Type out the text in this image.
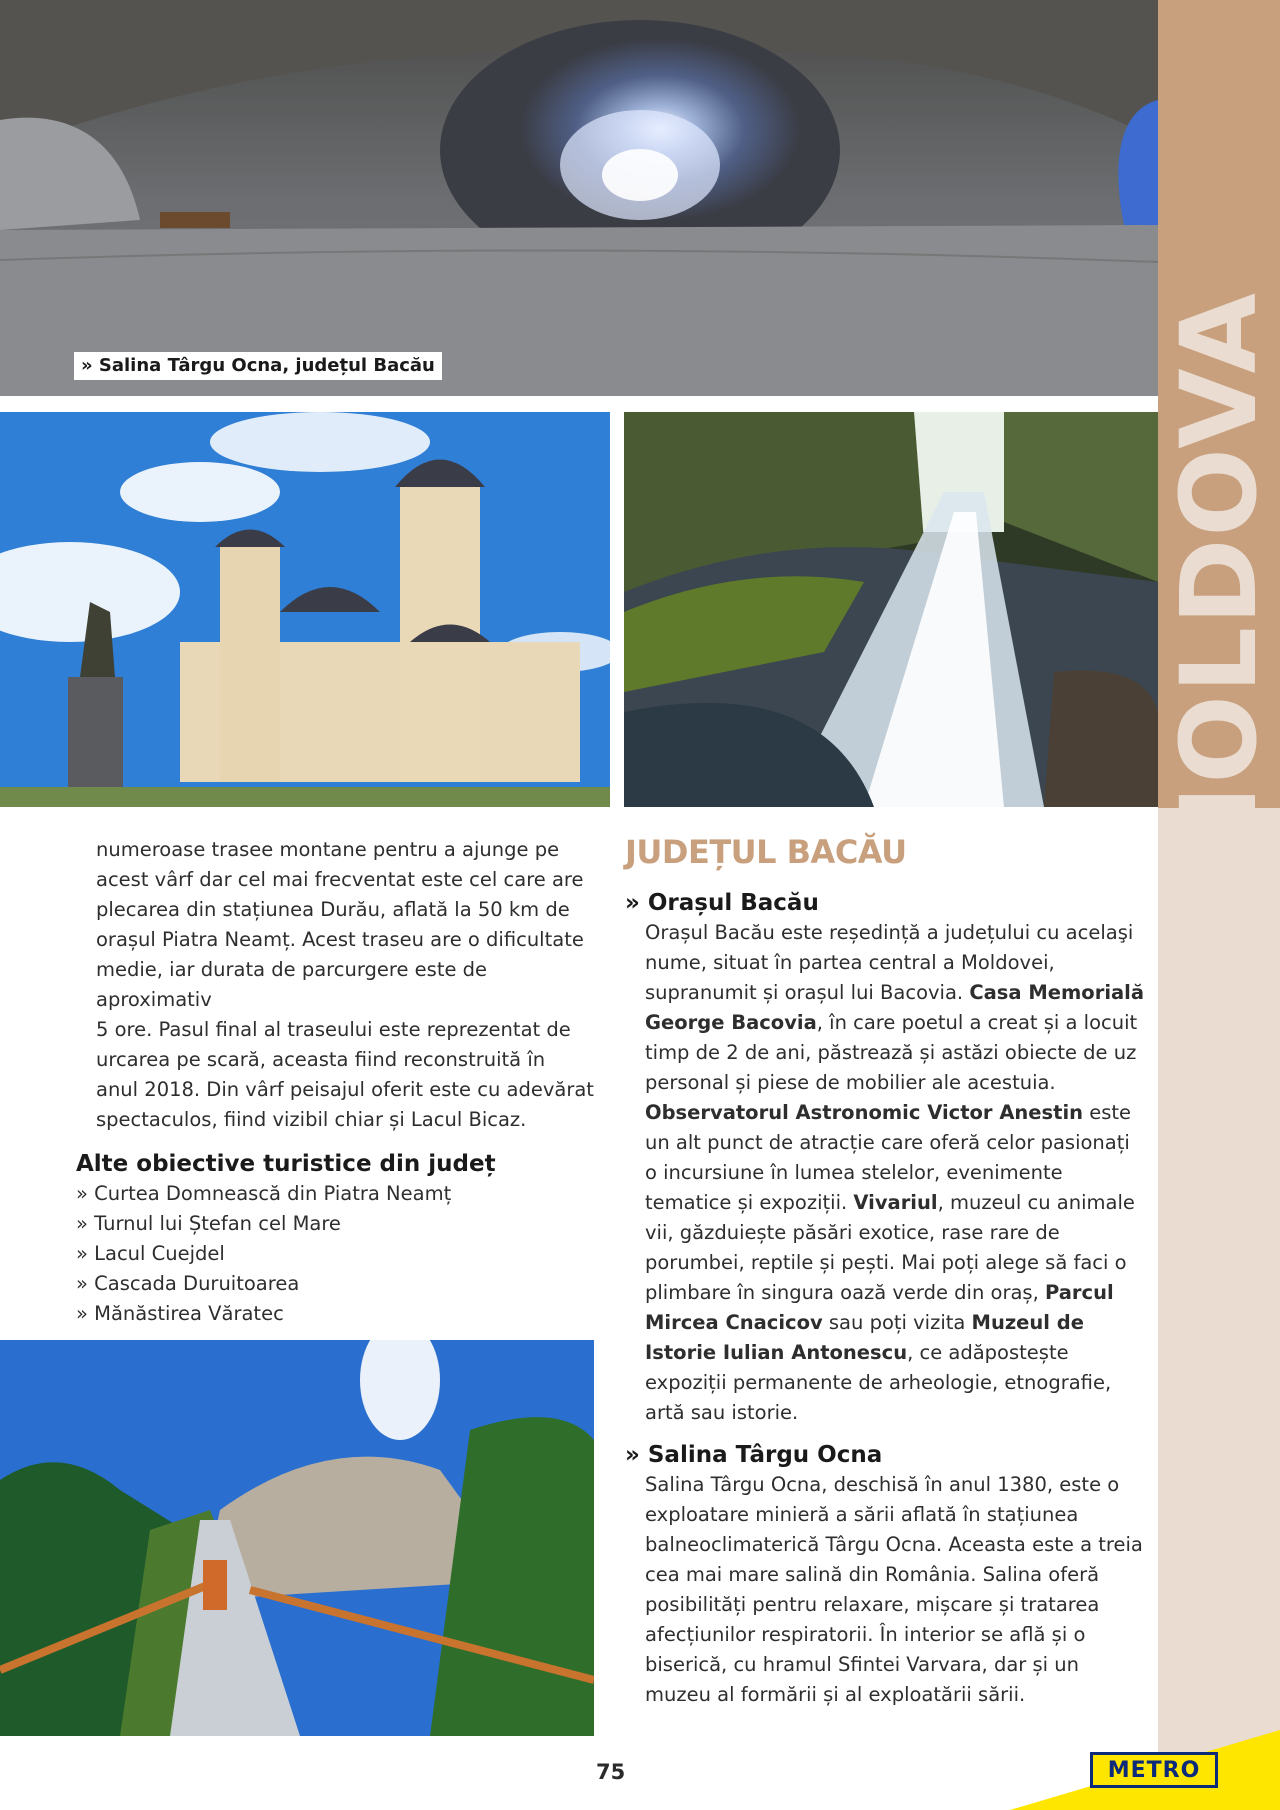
» Salina Târgu Ocna, județul Bacău	MOLDOVA

numeroase trasee montane pentru a ajunge pe

acest vârf dar cel mai frecventat este cel care are

plecarea din stațiunea Durău, aflată la 50 km de

orașul Piatra Neamț. Acest traseu are o dificultate

medie, iar durata de parcurgere este de aproximativ

5 ore. Pasul final al traseului este reprezentat de

urcarea pe scară, aceasta fiind reconstruită în

anul 2018. Din vârf peisajul oferit este cu adevărat

spectaculos, fiind vizibil chiar și Lacul Bicaz.

Alte obiective turistice din județ
» Curtea Domnească din Piatra Neamț
» Turnul lui Ștefan cel Mare
» Lacul Cuejdel
» Cascada Duruitoarea
» Mănăstirea Văratec
JUDEȚUL BACĂU
» Orașul Bacău
Orașul Bacău este reședință a județului cu acelaşi nume, situat în partea central a Moldovei, supranumit și orașul lui Bacovia. Casa Memorială George Bacovia, în care poetul a creat și a locuit timp de 2 de ani, păstrează și astăzi obiecte de uz personal și piese de mobilier ale acestuia. Observatorul Astronomic Victor Anestin este un alt punct de atracție care oferă celor pasionați o incursiune în lumea stelelor, evenimente tematice și expoziții. Vivariul, muzeul cu animale vii, găzduiește păsări exotice, rase rare de porumbei, reptile și pești. Mai poți alege să faci o plimbare în singura oază verde din oraș, Parcul Mircea Cnacicov sau poți vizita Muzeul de Istorie Iulian Antonescu, ce adăpostește expoziții permanente de arheologie, etnografie, artă sau istorie.
» Salina Târgu Ocna
Salina Târgu Ocna, deschisă în anul 1380, este o exploatare minieră a sării aflată în stațiunea balneoclimaterică Târgu Ocna. Aceasta este a treia cea mai mare salină din România. Salina oferă posibilități pentru relaxare, mișcare și tratarea afecțiunilor respiratorii. În interior se află și o biserică, cu hramul Sfintei Varvara, dar și un muzeu al formării și al exploatării sării.
75	METRO
